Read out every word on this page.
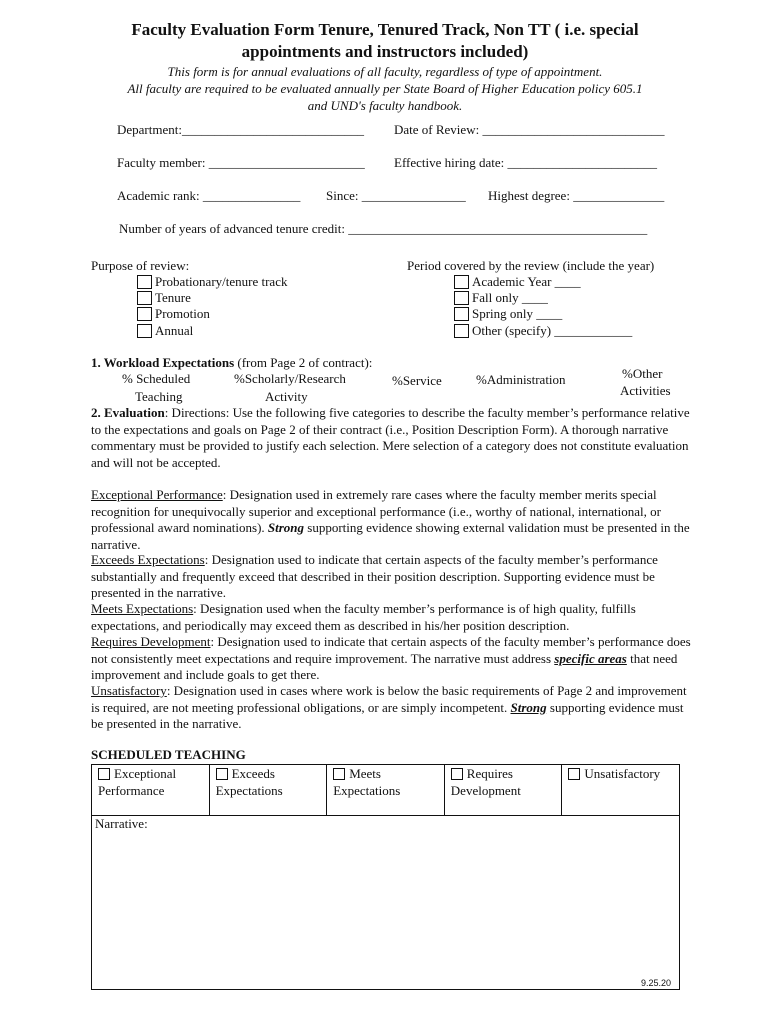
Faculty Evaluation Form Tenure, Tenured Track, Non TT ( i.e. special
appointments and instructors included)
This form is for annual evaluations of all faculty, regardless of type of appointment.
All faculty are required to be evaluated annually per State Board of Higher Education policy 605.1
and UND's faculty handbook.
Department:____________________________ Date of Review: ____________________________
Faculty member: ________________________ Effective hiring date: _______________________
Academic rank: _______________ Since: ________________ Highest degree: ______________
Number of years of advanced tenure credit: ______________________________________________
Purpose of review:
Probationary/tenure track
Tenure
Promotion
Annual
Period covered by the review (include the year)
Academic Year ____
Fall only ____
Spring only ____
Other (specify) ____________
1. Workload Expectations (from Page 2 of contract):
% Scheduled
Teaching
%Scholarly/Research
Activity
%Service	%Administration	%Other
Activities
2. Evaluation: Directions: Use the following five categories to describe the faculty member’s performance relative to the expectations and goals on Page 2 of their contract (i.e., Position Description Form). A thorough narrative commentary must be provided to justify each selection. Mere selection of a category does not constitute evaluation and will not be accepted.
Exceptional Performance: Designation used in extremely rare cases where the faculty member merits special recognition for unequivocally superior and exceptional performance (i.e., worthy of national, international, or professional award nominations). Strong supporting evidence showing external validation must be presented in the narrative.
Exceeds Expectations: Designation used to indicate that certain aspects of the faculty member’s performance substantially and frequently exceed that described in their position description. Supporting evidence must be presented in the narrative.
Meets Expectations: Designation used when the faculty member’s performance is of high quality, fulfills expectations, and periodically may exceed them as described in his/her position description.
Requires Development: Designation used to indicate that certain aspects of the faculty member’s performance does not consistently meet expectations and require improvement. The narrative must address specific areas that need improvement and include goals to get there.
Unsatisfactory: Designation used in cases where work is below the basic requirements of Page 2 and improvement is required, are not meeting professional obligations, or are simply incompetent. Strong supporting evidence must be presented in the narrative.
SCHEDULED TEACHING
Exceptional
Performance
Exceeds
Expectations
Meets
Expectations
Requires
Development
Unsatisfactory
Narrative:
9.25.20
